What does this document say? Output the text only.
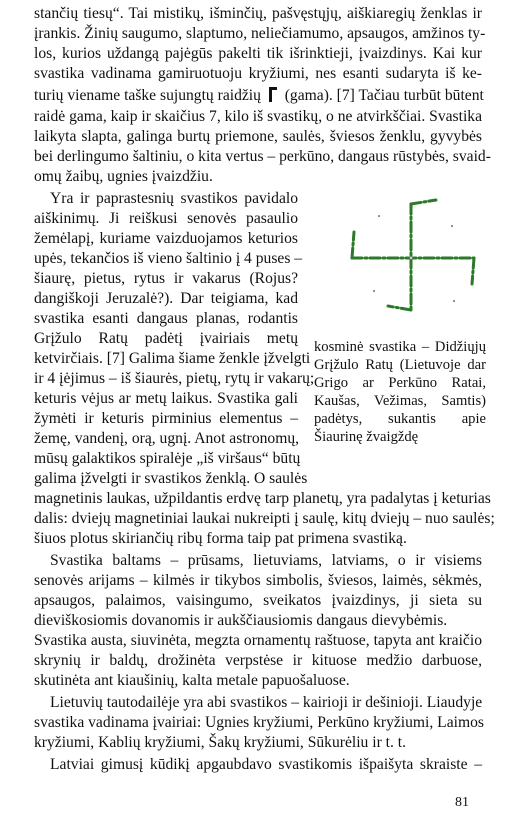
stančių tiesų“. Tai mistikų, išminčių, pašvęstųjų, aiškiaregių ženklas ir
įrankis. Žinių saugumo, slaptumo, neliečiamumo, apsaugos, amžinos ty-
los, kurios uždangą pajėgūs pakelti tik išrinktieji, įvaizdinys. Kai kur
svastika vadinama gamiruotuoju kryžiumi, nes esanti sudaryta iš ke-
turių viename taške sujungtų raidžių (gama). [7] Tačiau turbūt būtent
raidė gama, kaip ir skaičius 7, kilo iš svastikų, o ne atvirkščiai. Svastika
laikyta slapta, galinga burtų priemone, saulės, šviesos ženklu, gyvybės
bei derlingumo šaltiniu, o kita vertus – perkūno, dangaus rūstybės, svaid-
omų žaibų, ugnies įvaizdžiu.
Yra ir paprastesnių svastikos pavidalo
aiškinimų. Ji reiškusi senovės pasaulio
žemėlapį, kuriame vaizduojamos keturios
upės, tekančios iš vieno šaltinio į 4 puses –
šiaurę, pietus, rytus ir vakarus (Rojus?
dangiškoji Jeruzalė?). Dar teigiama, kad
svastika esanti dangaus planas, rodantis
Grįžulo Ratų padėtį įvairiais metų
ketvirčiais. [7] Galima šiame ženkle įžvelgti
ir 4 įėjimus – iš šiaurės, pietų, rytų ir vakarų;
keturis vėjus ar metų laikus. Svastika gali
žymėti ir keturis pirminius elementus –
žemę, vandenį, orą, ugnį. Anot astronomų,
mūsų galaktikos spiralėje „iš viršaus“ būtų
galima įžvelgti ir svastikos ženklą. O saulės
kosminė svastika – Didžiųjų
Grįžulo Ratų (Lietuvoje dar
Grigo ar Perkūno Ratai,
Kaušas, Vežimas, Samtis)
padėtys, sukantis apie
Šiaurinę žvaigždę
magnetinis laukas, užpildantis erdvę tarp planetų, yra padalytas į keturias
dalis: dviejų magnetiniai laukai nukreipti į saulę, kitų dviejų – nuo saulės;
šiuos plotus skiriančių ribų forma taip pat primena svastiką.
Svastika baltams – prūsams, lietuviams, latviams, o ir visiems
senovės arijams – kilmės ir tikybos simbolis, šviesos, laimės, sėkmės,
apsaugos, palaimos, vaisingumo, sveikatos įvaizdinys, ji sieta su
dieviškosiomis dovanomis ir aukščiausiomis dangaus dievybėmis.
Svastika austa, siuvinėta, megzta ornamentų raštuose, tapyta ant kraičio
skrynių ir baldų, drožinėta verpstėse ir kituose medžio darbuose,
skutinėta ant kiaušinių, kalta metale papuošaluose.
Lietuvių tautodailėje yra abi svastikos – kairioji ir dešinioji. Liaudyje
svastika vadinama įvairiai: Ugnies kryžiumi, Perkūno kryžiumi, Laimos
kryžiumi, Kablių kryžiumi, Šakų kryžiumi, Sūkurėliu ir t. t.
Latviai gimusį kūdikį apgaubdavo svastikomis išpaišyta skraiste –
81
